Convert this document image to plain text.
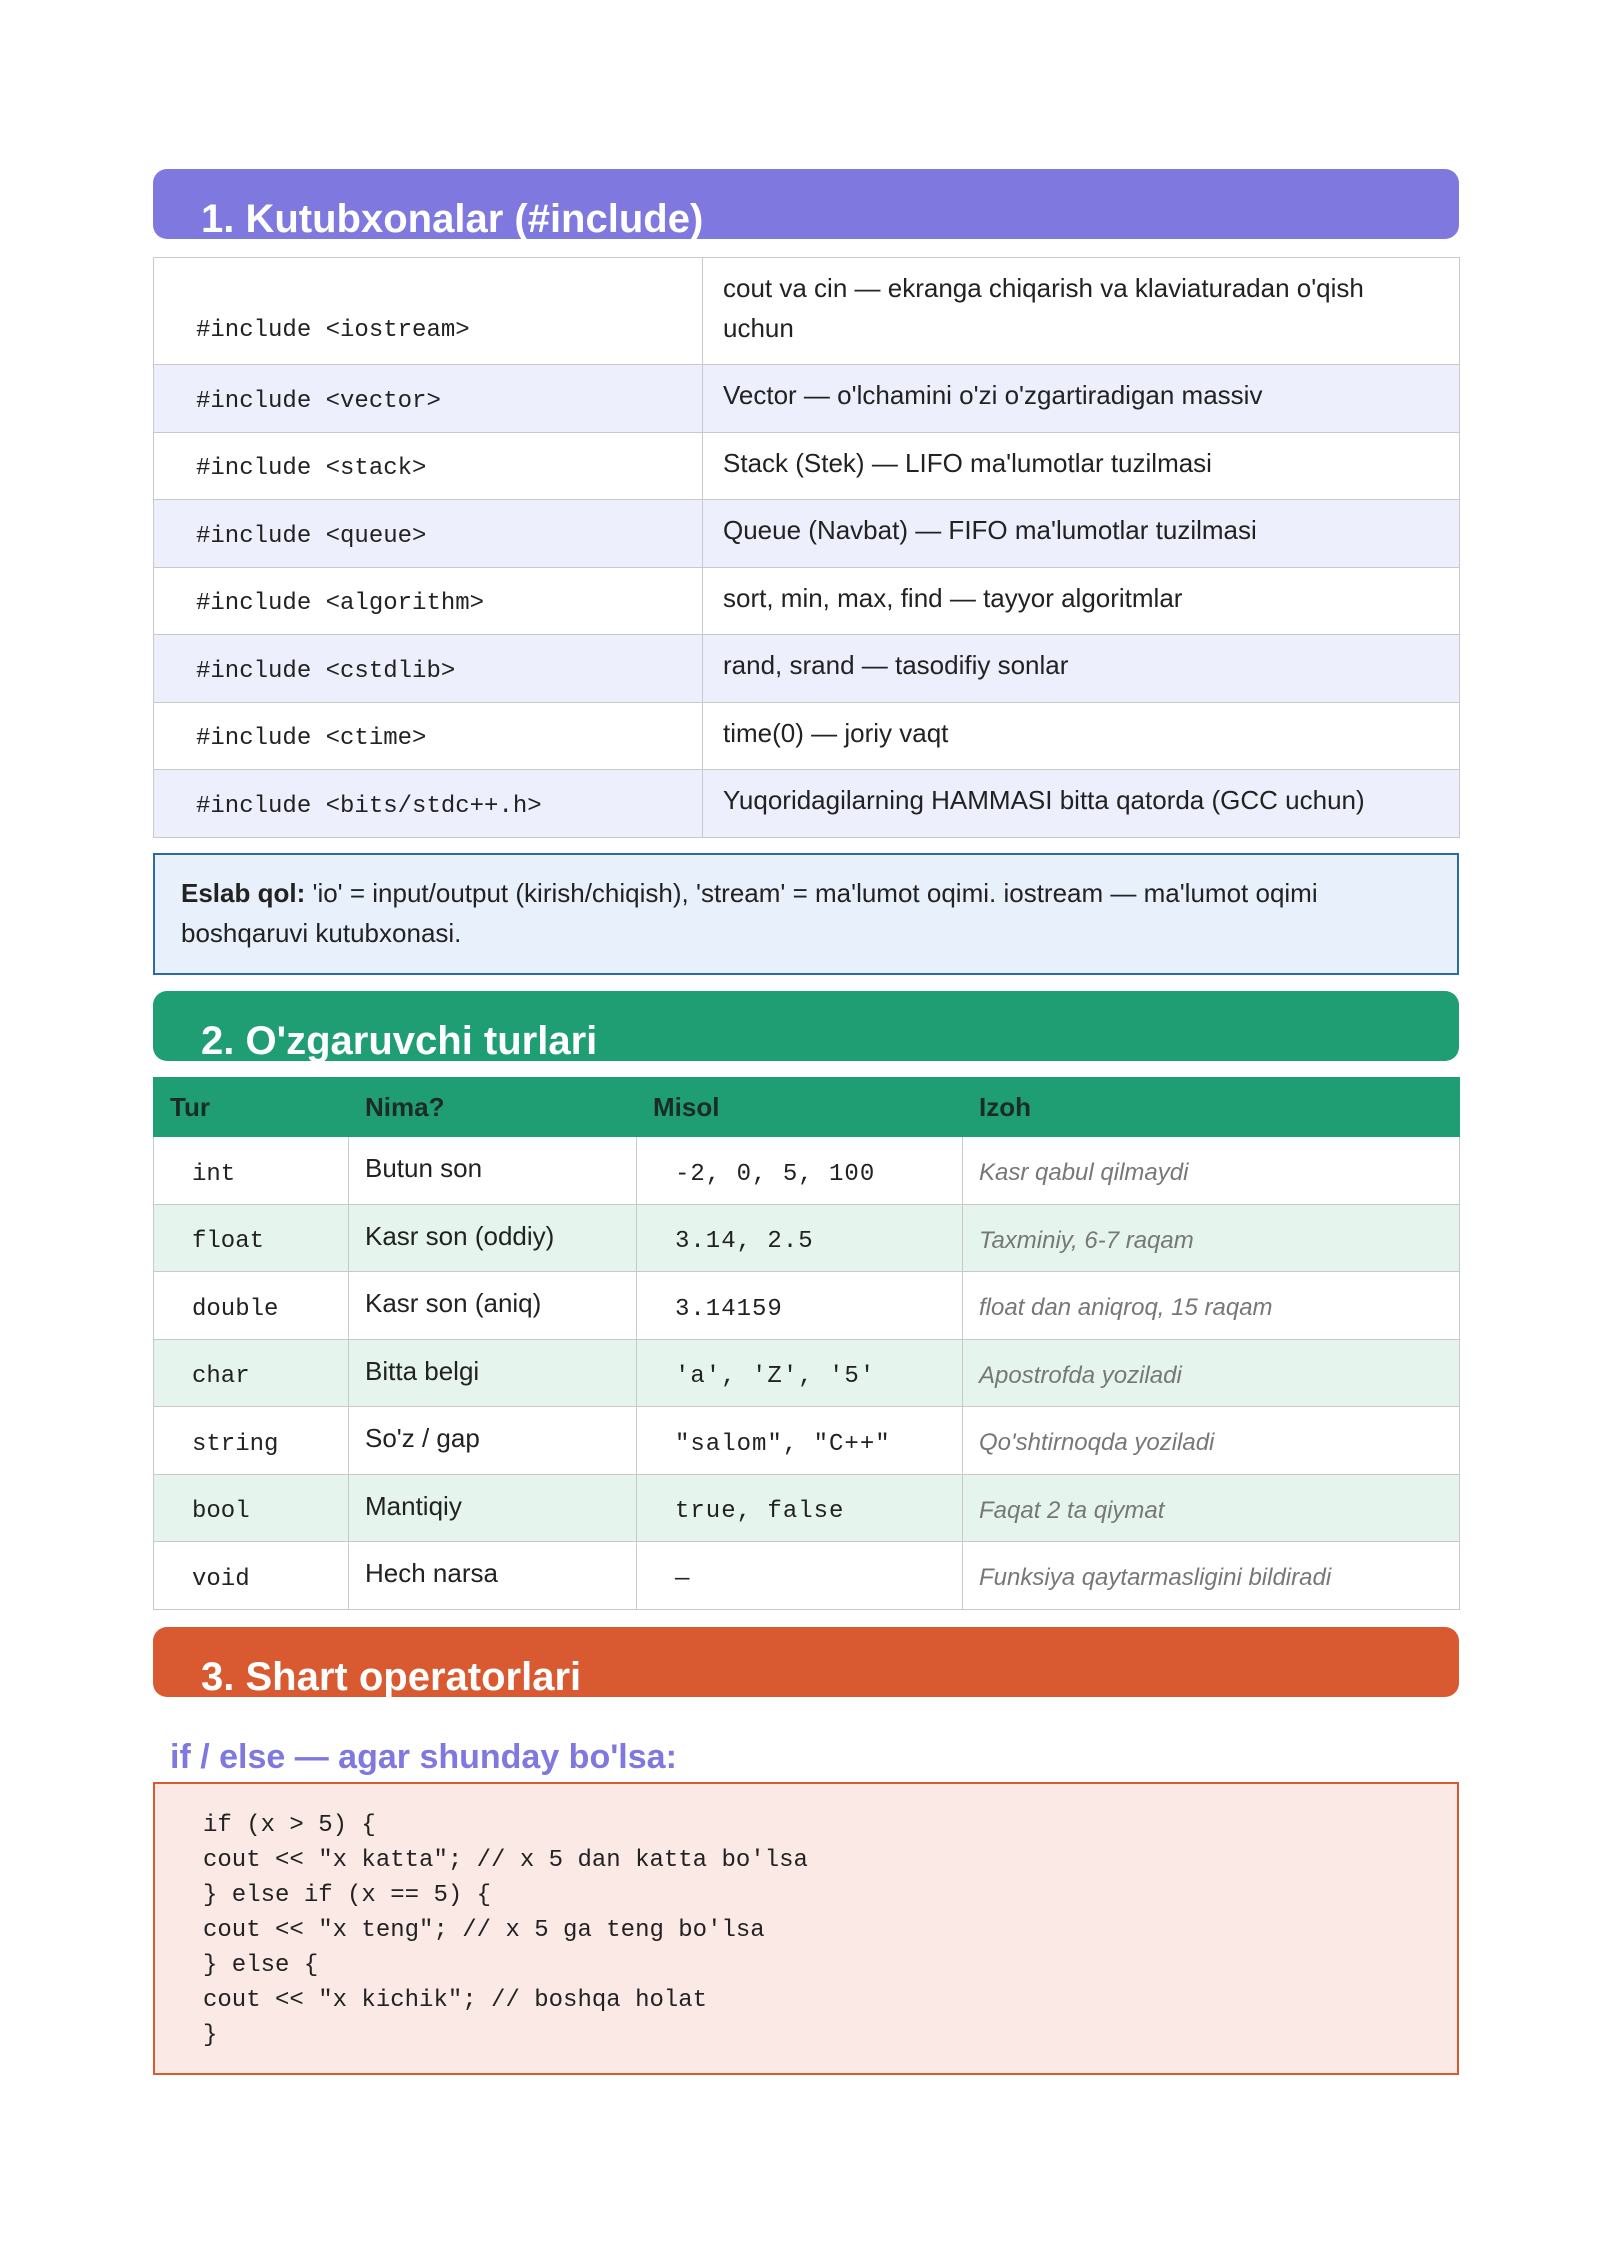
1. Kutubxonalar (#include)
#include <iostream>	cout va cin — ekranga chiqarish va klaviaturadan o'qish uchun
#include <vector>	Vector — o'lchamini o'zi o'zgartiradigan massiv
#include <stack>	Stack (Stek) — LIFO ma'lumotlar tuzilmasi
#include <queue>	Queue (Navbat) — FIFO ma'lumotlar tuzilmasi
#include <algorithm>	sort, min, max, find — tayyor algoritmlar
#include <cstdlib>	rand, srand — tasodifiy sonlar
#include <ctime>	time(0) — joriy vaqt
#include <bits/stdc++.h>	Yuqoridagilarning HAMMASI bitta qatorda (GCC uchun)
Eslab qol: 'io' = input/output (kirish/chiqish), 'stream' = ma'lumot oqimi. iostream — ma'lumot oqimi boshqaruvi kutubxonasi.
2. O'zgaruvchi turlari
Tur	Nima?	Misol	Izoh
int	Butun son	-2, 0, 5, 100	Kasr qabul qilmaydi
float	Kasr son (oddiy)	3.14, 2.5	Taxminiy, 6-7 raqam
double	Kasr son (aniq)	3.14159	float dan aniqroq, 15 raqam
char	Bitta belgi	'a', 'Z', '5'	Apostrofda yoziladi
string	So'z / gap	"salom", "C++"	Qo'shtirnoqda yoziladi
bool	Mantiqiy	true, false	Faqat 2 ta qiymat
void	Hech narsa	—	Funksiya qaytarmasligini bildiradi
3. Shart operatorlari
if / else — agar shunday bo'lsa:
if (x > 5) {
cout << "x katta"; // x 5 dan katta bo'lsa
} else if (x == 5) {
cout << "x teng"; // x 5 ga teng bo'lsa
} else {
cout << "x kichik"; // boshqa holat
}
